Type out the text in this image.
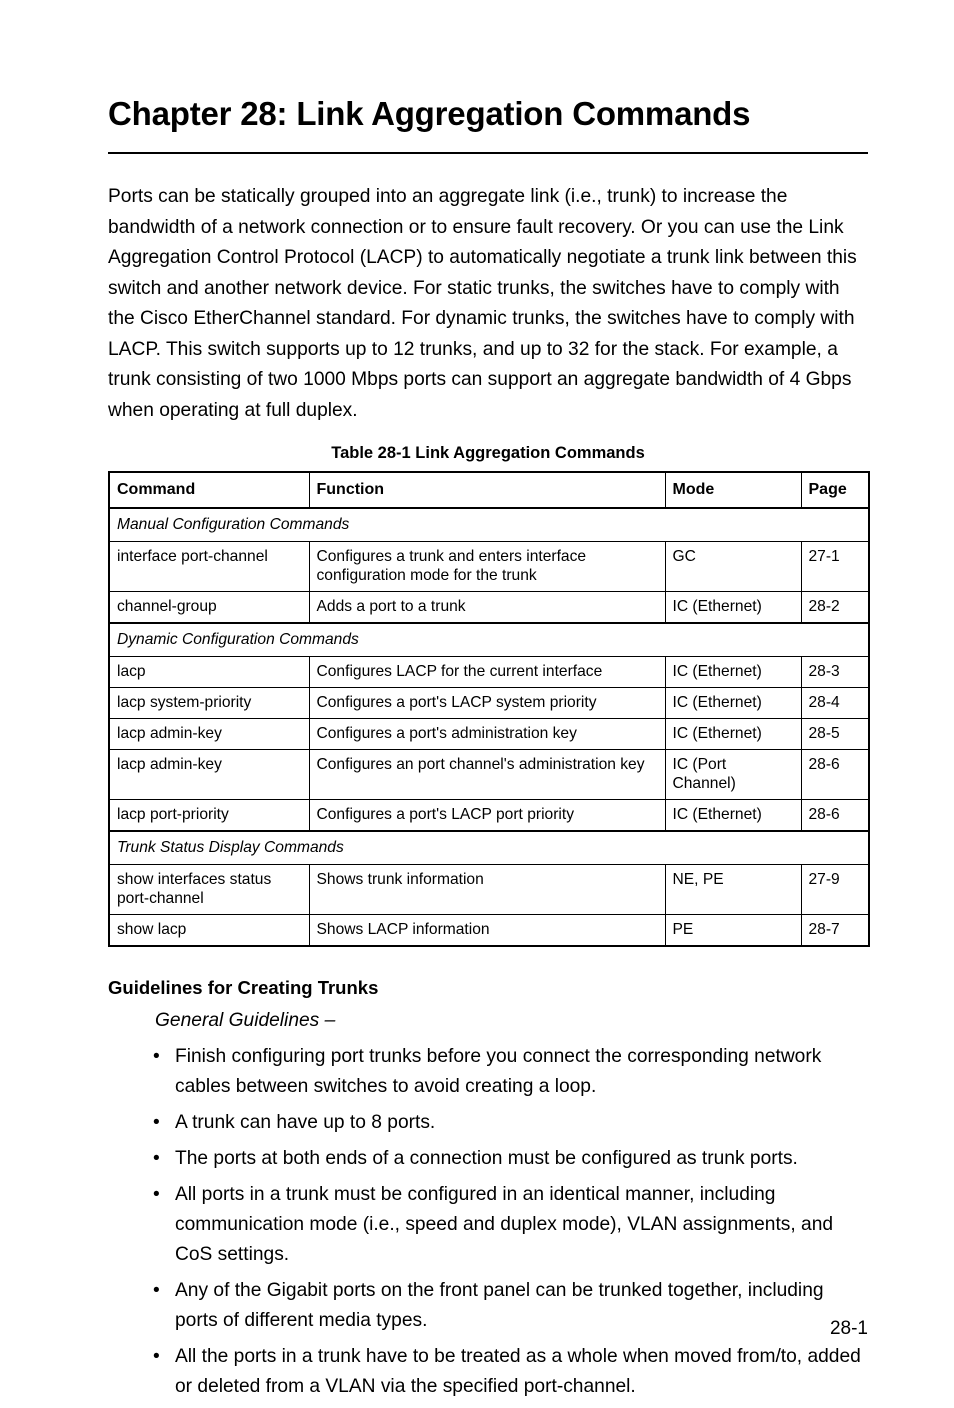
Chapter 28: Link Aggregation Commands

Ports can be statically grouped into an aggregate link (i.e., trunk) to increase the bandwidth of a network connection or to ensure fault recovery. Or you can use the Link Aggregation Control Protocol (LACP) to automatically negotiate a trunk link between this switch and another network device. For static trunks, the switches have to comply with the Cisco EtherChannel standard. For dynamic trunks, the switches have to comply with LACP. This switch supports up to 12 trunks, and up to 32 for the stack. For example, a trunk consisting of two 1000 Mbps ports can support an aggregate bandwidth of 4 Gbps when operating at full duplex.

Table 28-1 Link Aggregation Commands
Command	Function	Mode	Page
Manual Configuration Commands			
interface port-channel	Configures a trunk and enters interface configuration mode for the trunk	GC	27-1
channel-group	Adds a port to a trunk	IC (Ethernet)	28-2
Dynamic Configuration Commands			
lacp	Configures LACP for the current interface	IC (Ethernet)	28-3
lacp system-priority	Configures a port's LACP system priority	IC (Ethernet)	28-4
lacp admin-key	Configures a port's administration key	IC (Ethernet)	28-5
lacp admin-key	Configures an port channel's administration key	IC (Port Channel)	28-6
lacp port-priority	Configures a port's LACP port priority	IC (Ethernet)	28-6
Trunk Status Display Commands			
show interfaces status port-channel	Shows trunk information	NE, PE	27-9
show lacp	Shows LACP information	PE	28-7
Guidelines for Creating Trunks
General Guidelines –
• Finish configuring port trunks before you connect the corresponding network cables between switches to avoid creating a loop.
• A trunk can have up to 8 ports.
• The ports at both ends of a connection must be configured as trunk ports.
• All ports in a trunk must be configured in an identical manner, including communication mode (i.e., speed and duplex mode), VLAN assignments, and CoS settings.
• Any of the Gigabit ports on the front panel can be trunked together, including ports of different media types.
• All the ports in a trunk have to be treated as a whole when moved from/to, added or deleted from a VLAN via the specified port-channel.
28-1
